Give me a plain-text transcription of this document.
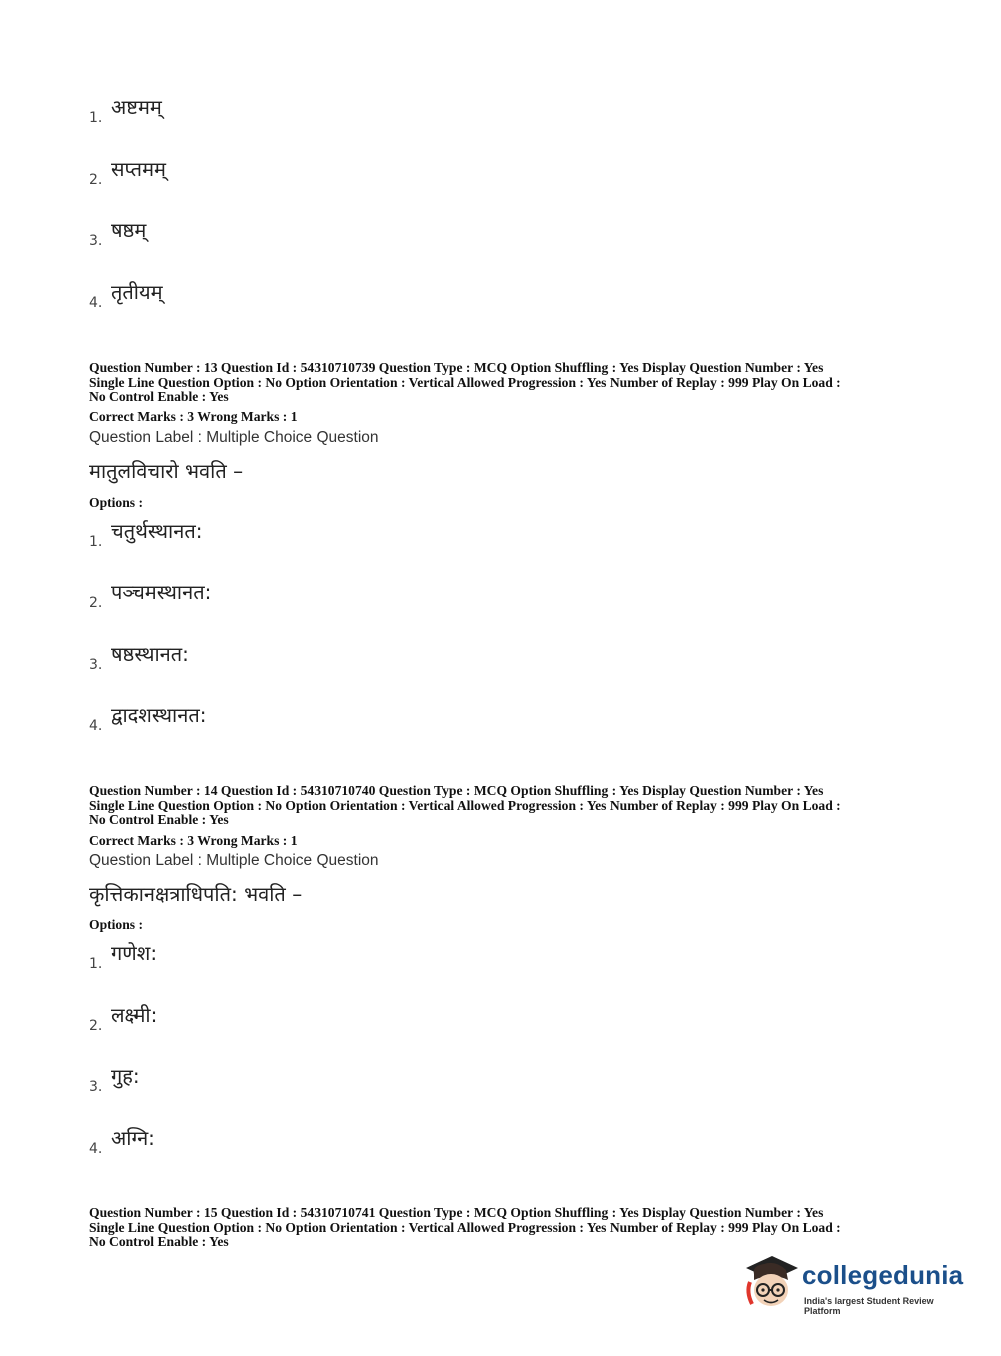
1. अष्टमम्
2. सप्तमम्
3. षष्ठम्
4. तृतीयम्
Question Number : 13 Question Id : 54310710739 Question Type : MCQ Option Shuffling : Yes Display Question Number : Yes
Single Line Question Option : No Option Orientation : Vertical Allowed Progression : Yes Number of Replay : 999 Play On Load :
No Control Enable : Yes
Correct Marks : 3 Wrong Marks : 1
Question Label : Multiple Choice Question
मातुलविचारो भवति –
Options :
1. चतुर्थस्थानत:
2. पञ्चमस्थानत:
3. षष्ठस्थानत:
4. द्वादशस्थानत:
Question Number : 14 Question Id : 54310710740 Question Type : MCQ Option Shuffling : Yes Display Question Number : Yes
Single Line Question Option : No Option Orientation : Vertical Allowed Progression : Yes Number of Replay : 999 Play On Load :
No Control Enable : Yes
Correct Marks : 3 Wrong Marks : 1
Question Label : Multiple Choice Question
कृत्तिकानक्षत्राधिपति: भवति –
Options :
1. गणेश:
2. लक्ष्मी:
3. गुह:
4. अग्नि:
Question Number : 15 Question Id : 54310710741 Question Type : MCQ Option Shuffling : Yes Display Question Number : Yes
Single Line Question Option : No Option Orientation : Vertical Allowed Progression : Yes Number of Replay : 999 Play On Load :
No Control Enable : Yes
collegedunia
India's largest Student Review Platform
